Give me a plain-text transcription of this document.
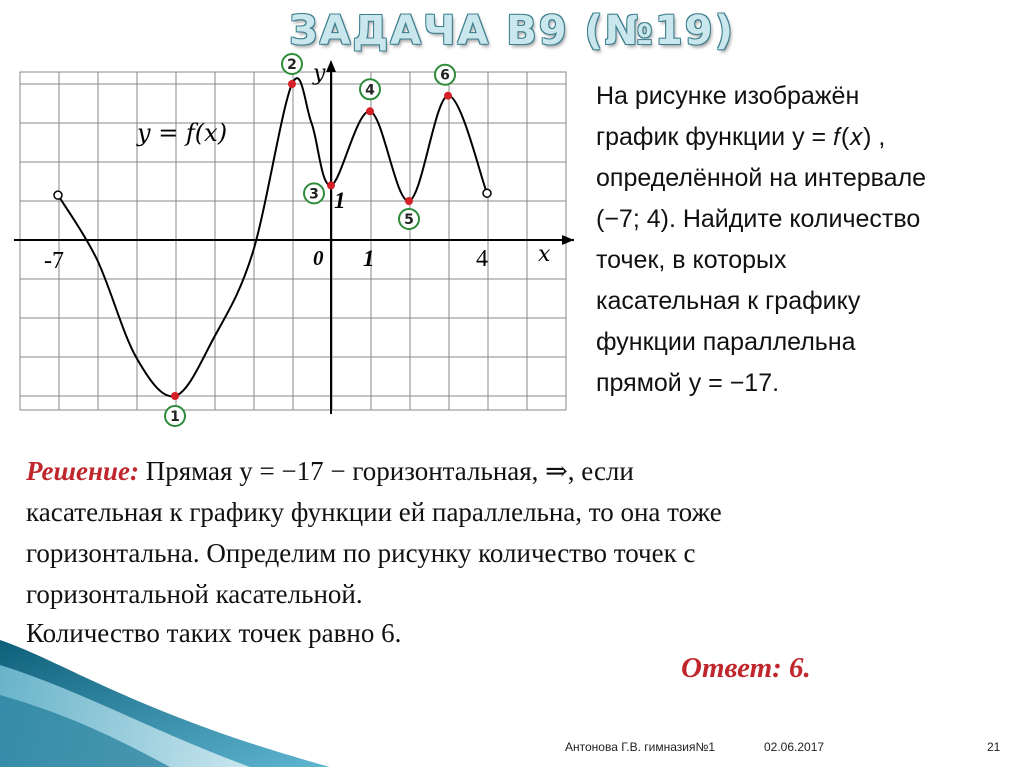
ЗАДАЧА В9 (№19)
1
2
3
4
5
6
y = 𝑓(𝑥)
y
x
-7	0 1
1
4
На рисунке изображён
график функции y = 𝑓(𝑥) ,
определённой на интервале
(−7; 4). Найдите количество
точек, в которых
касательная к графику
функции параллельна
прямой y = −17.
Решение: Прямая y = −17 − горизонтальная, ⇒, если
касательная к графику функции ей параллельна, то она тоже
горизонтальна. Определим по рисунку количество точек с
горизонтальной касательной.
Количество таких точек равно 6.
Ответ: 6.
Антонова Г.В. гимназия№1	02.06.2017	21
